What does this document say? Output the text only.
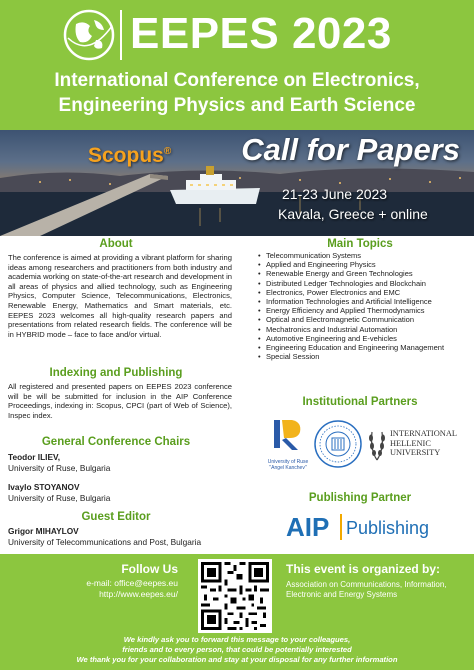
EEPES 2023
International Conference on Electronics,
Engineering Physics and Earth Science
Scopus® Call for Papers
21-23 June 2023
Kavala, Greece + online
About
The conference is aimed at providing a vibrant platform for sharing ideas among researchers and practitioners from both industry and academia working on state-of-the-art research and development in all areas of physics and allied technology, such as Engineering Physics, Computer Science, Telecommunications, Electronics, Renewable Energy, Mathematics and Smart materials, etc. EEPES 2023 welcomes all high-quality research papers and presentations from related research fields. The conference will be in HYBRID mode – face to face and/or virtual.
Indexing and Publishing
All registered and presented papers on EEPES 2023 conference will be will be submitted for inclusion in the AIP Conference Proceedings, indexing in: Scopus, CPCI (part of Web of Science), Inspec index.
General Conference Chairs
Teodor ILIEV,
University of Ruse, Bulgaria
Ivaylo STOYANOV
University of Ruse, Bulgaria
Guest Editor
Grigor MIHAYLOV
University of Telecommunications and Post, Bulgaria
Main Topics
• Telecommunication Systems
• Applied and Engineering Physics
• Renewable Energy and Green Technologies
• Distributed Ledger Technologies and Blockchain
• Electronics, Power Electronics and EMC
• Information Technologies and Artificial Intelligence
• Energy Efficiency and Applied Thermodynamics
• Optical and Electromagnetic Communication
• Mechatronics and Industrial Automation
• Automotive Engineering and E-vehicles
• Engineering Education and Engineering Management
• Special Session
Institutional Partners
University of Ruse
"Angel Kanchev"
INTERNATIONAL
HELLENIC
UNIVERSITY
Publishing Partner
AIP Publishing
Follow Us
e-mail: office@eepes.eu
http://www.eepes.eu/
This event is organized by:
Association on Communications, Information, Electronic and Energy Systems
We kindly ask you to forward this message to your colleagues,
friends and to every person, that could be potentially interested
We thank you for your collaboration and stay at your disposal for any further information
